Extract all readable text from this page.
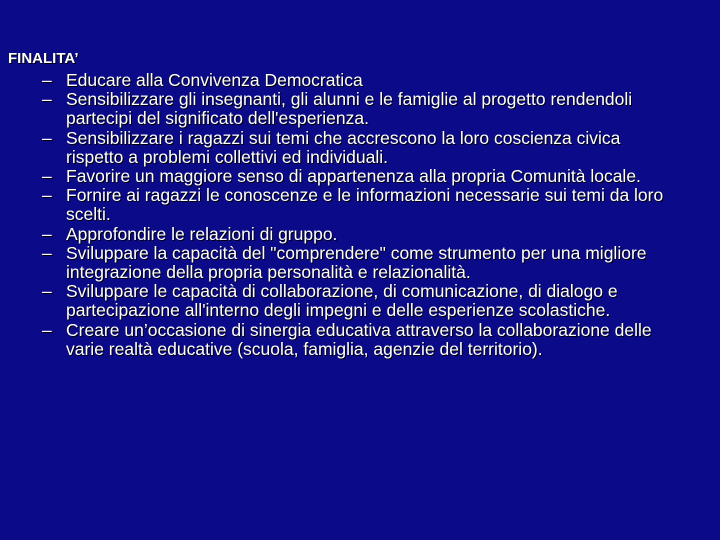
FINALITA’
– Educare alla Convivenza Democratica
– Sensibilizzare gli insegnanti, gli alunni e le famiglie al progetto rendendoli partecipi del significato dell'esperienza.
– Sensibilizzare i ragazzi sui temi che accrescono la loro coscienza civica rispetto a problemi collettivi ed individuali.
– Favorire un maggiore senso di appartenenza alla propria Comunità locale.
– Fornire ai ragazzi le conoscenze e le informazioni necessarie sui temi da loro scelti.
– Approfondire le relazioni di gruppo.
– Sviluppare la capacità del "comprendere" come strumento per una migliore integrazione della propria personalità e relazionalità.
– Sviluppare le capacità di collaborazione, di comunicazione, di dialogo e partecipazione all'interno degli impegni e delle esperienze scolastiche.
– Creare un’occasione di sinergia educativa attraverso la collaborazione delle varie realtà educative (scuola, famiglia, agenzie del territorio).
